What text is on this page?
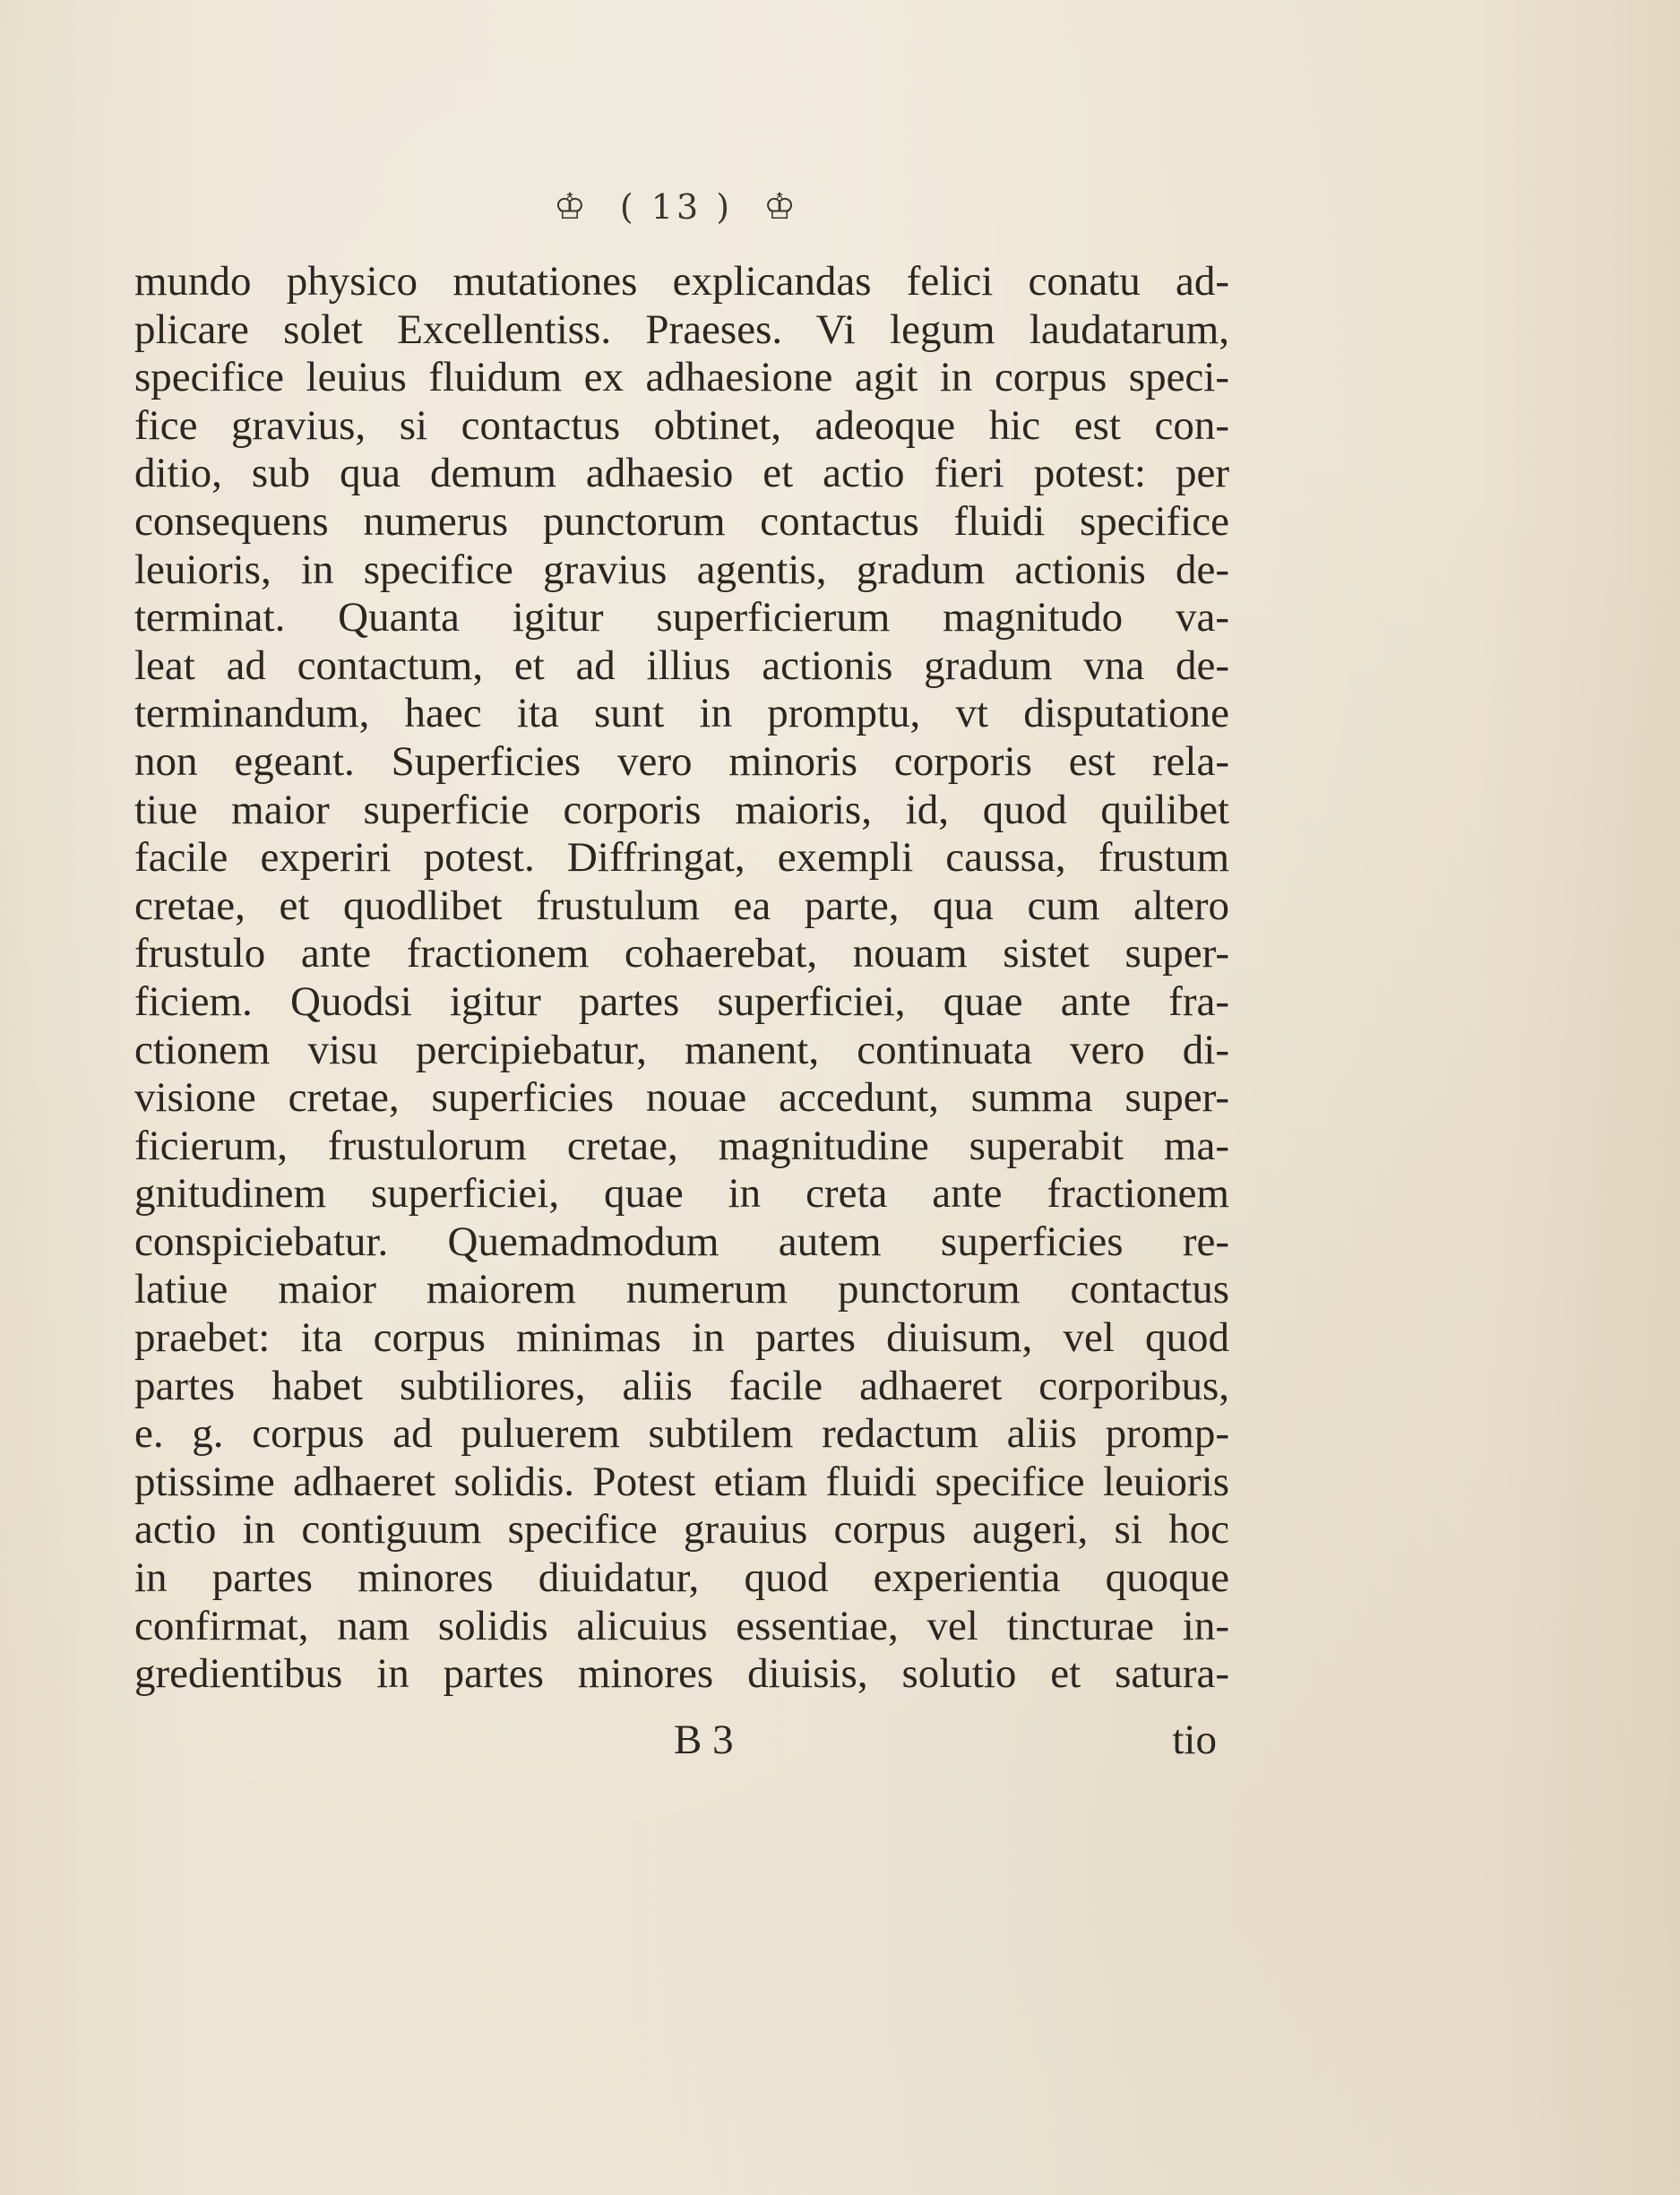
♔ ( 13 ) ♔
mundo physico mutationes explicandas felici conatu ad-
plicare solet Excellentiss. Praeses. Vi legum laudatarum,
specifice leuius fluidum ex adhaesione agit in corpus speci-
fice gravius, si contactus obtinet, adeoque hic est con-
ditio, sub qua demum adhaesio et actio fieri potest: per
consequens numerus punctorum contactus fluidi specifice
leuioris, in specifice gravius agentis, gradum actionis de-
terminat. Quanta igitur superficierum magnitudo va-
leat ad contactum, et ad illius actionis gradum vna de-
terminandum, haec ita sunt in promptu, vt disputatione
non egeant. Superficies vero minoris corporis est rela-
tiue maior superficie corporis maioris, id, quod quilibet
facile experiri potest. Diffringat, exempli caussa, frustum
cretae, et quodlibet frustulum ea parte, qua cum altero
frustulo ante fractionem cohaerebat, nouam sistet super-
ficiem. Quodsi igitur partes superficiei, quae ante fra-
ctionem visu percipiebatur, manent, continuata vero di-
visione cretae, superficies nouae accedunt, summa super-
ficierum, frustulorum cretae, magnitudine superabit ma-
gnitudinem superficiei, quae in creta ante fractionem
conspiciebatur. Quemadmodum autem superficies re-
latiue maior maiorem numerum punctorum contactus
praebet: ita corpus minimas in partes diuisum, vel quod
partes habet subtiliores, aliis facile adhaeret corporibus,
e. g. corpus ad puluerem subtilem redactum aliis promp-
ptissime adhaeret solidis. Potest etiam fluidi specifice leuioris
actio in contiguum specifice grauius corpus augeri, si hoc
in partes minores diuidatur, quod experientia quoque
confirmat, nam solidis alicuius essentiae, vel tincturae in-
gredientibus in partes minores diuisis, solutio et satura-
B 3	tio
